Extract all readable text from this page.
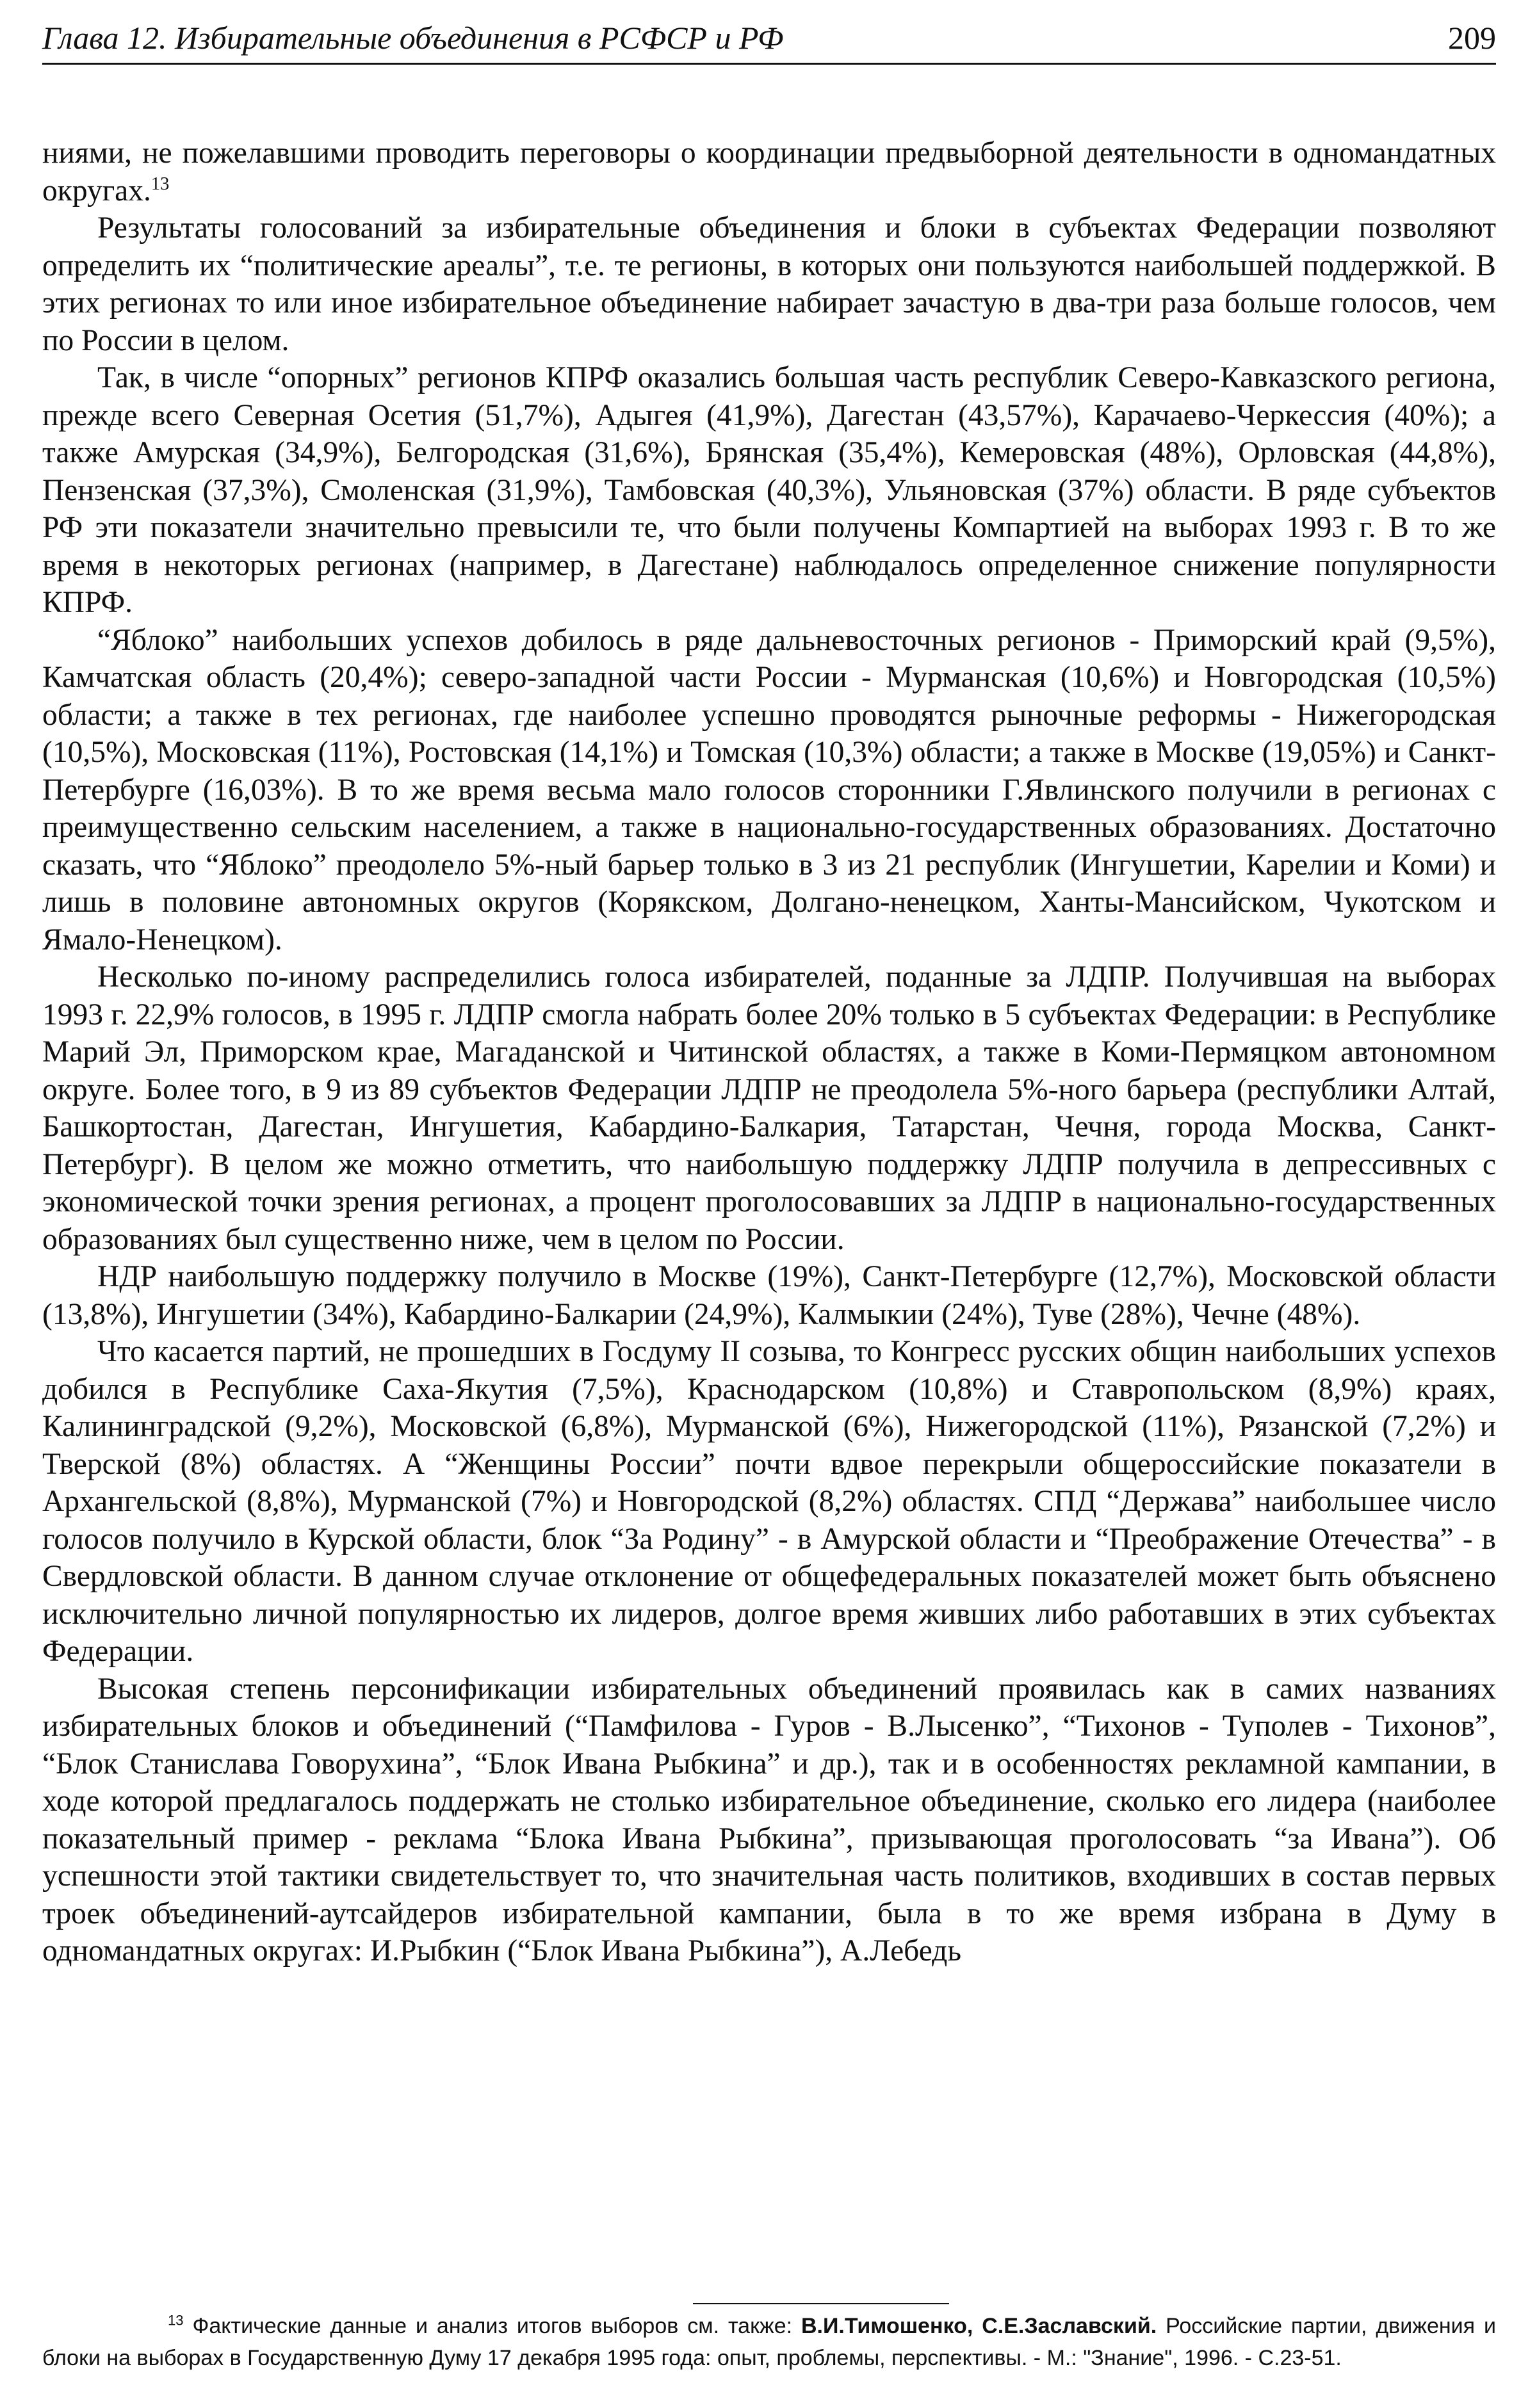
Глава 12. Избирательные объединения в РСФСР и РФ	209

ниями, не пожелавшими проводить переговоры о координации предвыборной деятельности в одномандатных округах.$^{13}$

Результаты голосований за избирательные объединения и блоки в субъектах Федерации позволяют определить их “политические ареалы”, т.е. те регионы, в которых они пользуются наибольшей поддержкой. В этих регионах то или иное избирательное объединение набирает зачастую в два-три раза больше голосов, чем по России в целом.

Так, в числе “опорных” регионов КПРФ оказались большая часть республик Северо-Кавказского региона, прежде всего Северная Осетия (51,7%), Адыгея (41,9%), Дагестан (43,57%), Карачаево-Черкессия (40%); а также Амурская (34,9%), Белгородская (31,6%), Брянская (35,4%), Кемеровская (48%), Орловская (44,8%), Пензенская (37,3%), Смоленская (31,9%), Тамбовская (40,3%), Ульяновская (37%) области. В ряде субъектов РФ эти показатели значительно превысили те, что были получены Компартией на выборах 1993 г. В то же время в некоторых регионах (например, в Дагестане) наблюдалось определенное снижение популярности КПРФ.

“Яблоко” наибольших успехов добилось в ряде дальневосточных регионов - Приморский край (9,5%), Камчатская область (20,4%); северо-западной части России - Мурманская (10,6%) и Новгородская (10,5%) области; а также в тех регионах, где наиболее успешно проводятся рыночные реформы - Нижегородская (10,5%), Московская (11%), Ростовская (14,1%) и Томская (10,3%) области; а также в Москве (19,05%) и Санкт-Петербурге (16,03%). В то же время весьма мало голосов сторонники Г.Явлинского получили в регионах с преимущественно сельским населением, а также в национально-государственных образованиях. Достаточно сказать, что “Яблоко” преодолело 5%-ный барьер только в 3 из 21 республик (Ингушетии, Карелии и Коми) и лишь в половине автономных округов (Корякском, Долгано-ненецком, Ханты-Мансийском, Чукотском и Ямало-Ненецком).

Несколько по-иному распределились голоса избирателей, поданные за ЛДПР. Получившая на выборах 1993 г. 22,9% голосов, в 1995 г. ЛДПР смогла набрать более 20% только в 5 субъектах Федерации: в Республике Марий Эл, Приморском крае, Магаданской и Читинской областях, а также в Коми-Пермяцком автономном округе. Более того, в 9 из 89 субъектов Федерации ЛДПР не преодолела 5%-ного барьера (республики Алтай, Башкортостан, Дагестан, Ингушетия, Кабардино-Балкария, Татарстан, Чечня, города Москва, Санкт-Петербург). В целом же можно отметить, что наибольшую поддержку ЛДПР получила в депрессивных с экономической точки зрения регионах, а процент проголосовавших за ЛДПР в национально-государственных образованиях был существенно ниже, чем в целом по России.

НДР наибольшую поддержку получило в Москве (19%), Санкт-Петербурге (12,7%), Московской области (13,8%), Ингушетии (34%), Кабардино-Балкарии (24,9%), Калмыкии (24%), Туве (28%), Чечне (48%).

Что касается партий, не прошедших в Госдуму II созыва, то Конгресс русских общин наибольших успехов добился в Республике Саха-Якутия (7,5%), Краснодарском (10,8%) и Ставропольском (8,9%) краях, Калининградской (9,2%), Московской (6,8%), Мурманской (6%), Нижегородской (11%), Рязанской (7,2%) и Тверской (8%) областях. А “Женщины России” почти вдвое перекрыли общероссийские показатели в Архангельской (8,8%), Мурманской (7%) и Новгородской (8,2%) областях. СПД “Держава” наибольшее число голосов получило в Курской области, блок “За Родину” - в Амурской области и “Преображение Отечества” - в Свердловской области. В данном случае отклонение от общефедеральных показателей может быть объяснено исключительно личной популярностью их лидеров, долгое время живших либо работавших в этих субъектах Федерации.

Высокая степень персонификации избирательных объединений проявилась как в самих названиях избирательных блоков и объединений (“Памфилова - Гуров - В.Лысенко”, “Тихонов - Туполев - Тихонов”, “Блок Станислава Говорухина”, “Блок Ивана Рыбкина” и др.), так и в особенностях рекламной кампании, в ходе которой предлагалось поддержать не столько избирательное объединение, сколько его лидера (наиболее показательный пример - реклама “Блока Ивана Рыбкина”, призывающая проголосовать “за Ивана”). Об успешности этой тактики свидетельствует то, что значительная часть политиков, входивших в состав первых троек объединений-аутсайдеров избирательной кампании, была в то же время избрана в Думу в одномандатных округах: И.Рыбкин (“Блок Ивана Рыбкина”), А.Лебедь

$^{13}$ Фактические данные и анализ итогов выборов см. также: В.И.Тимошенко, С.Е.Заславский. Российские партии, движения и блоки на выборах в Государственную Думу 17 декабря 1995 года: опыт, проблемы, перспективы. - М.: "Знание", 1996. - С.23-51.
